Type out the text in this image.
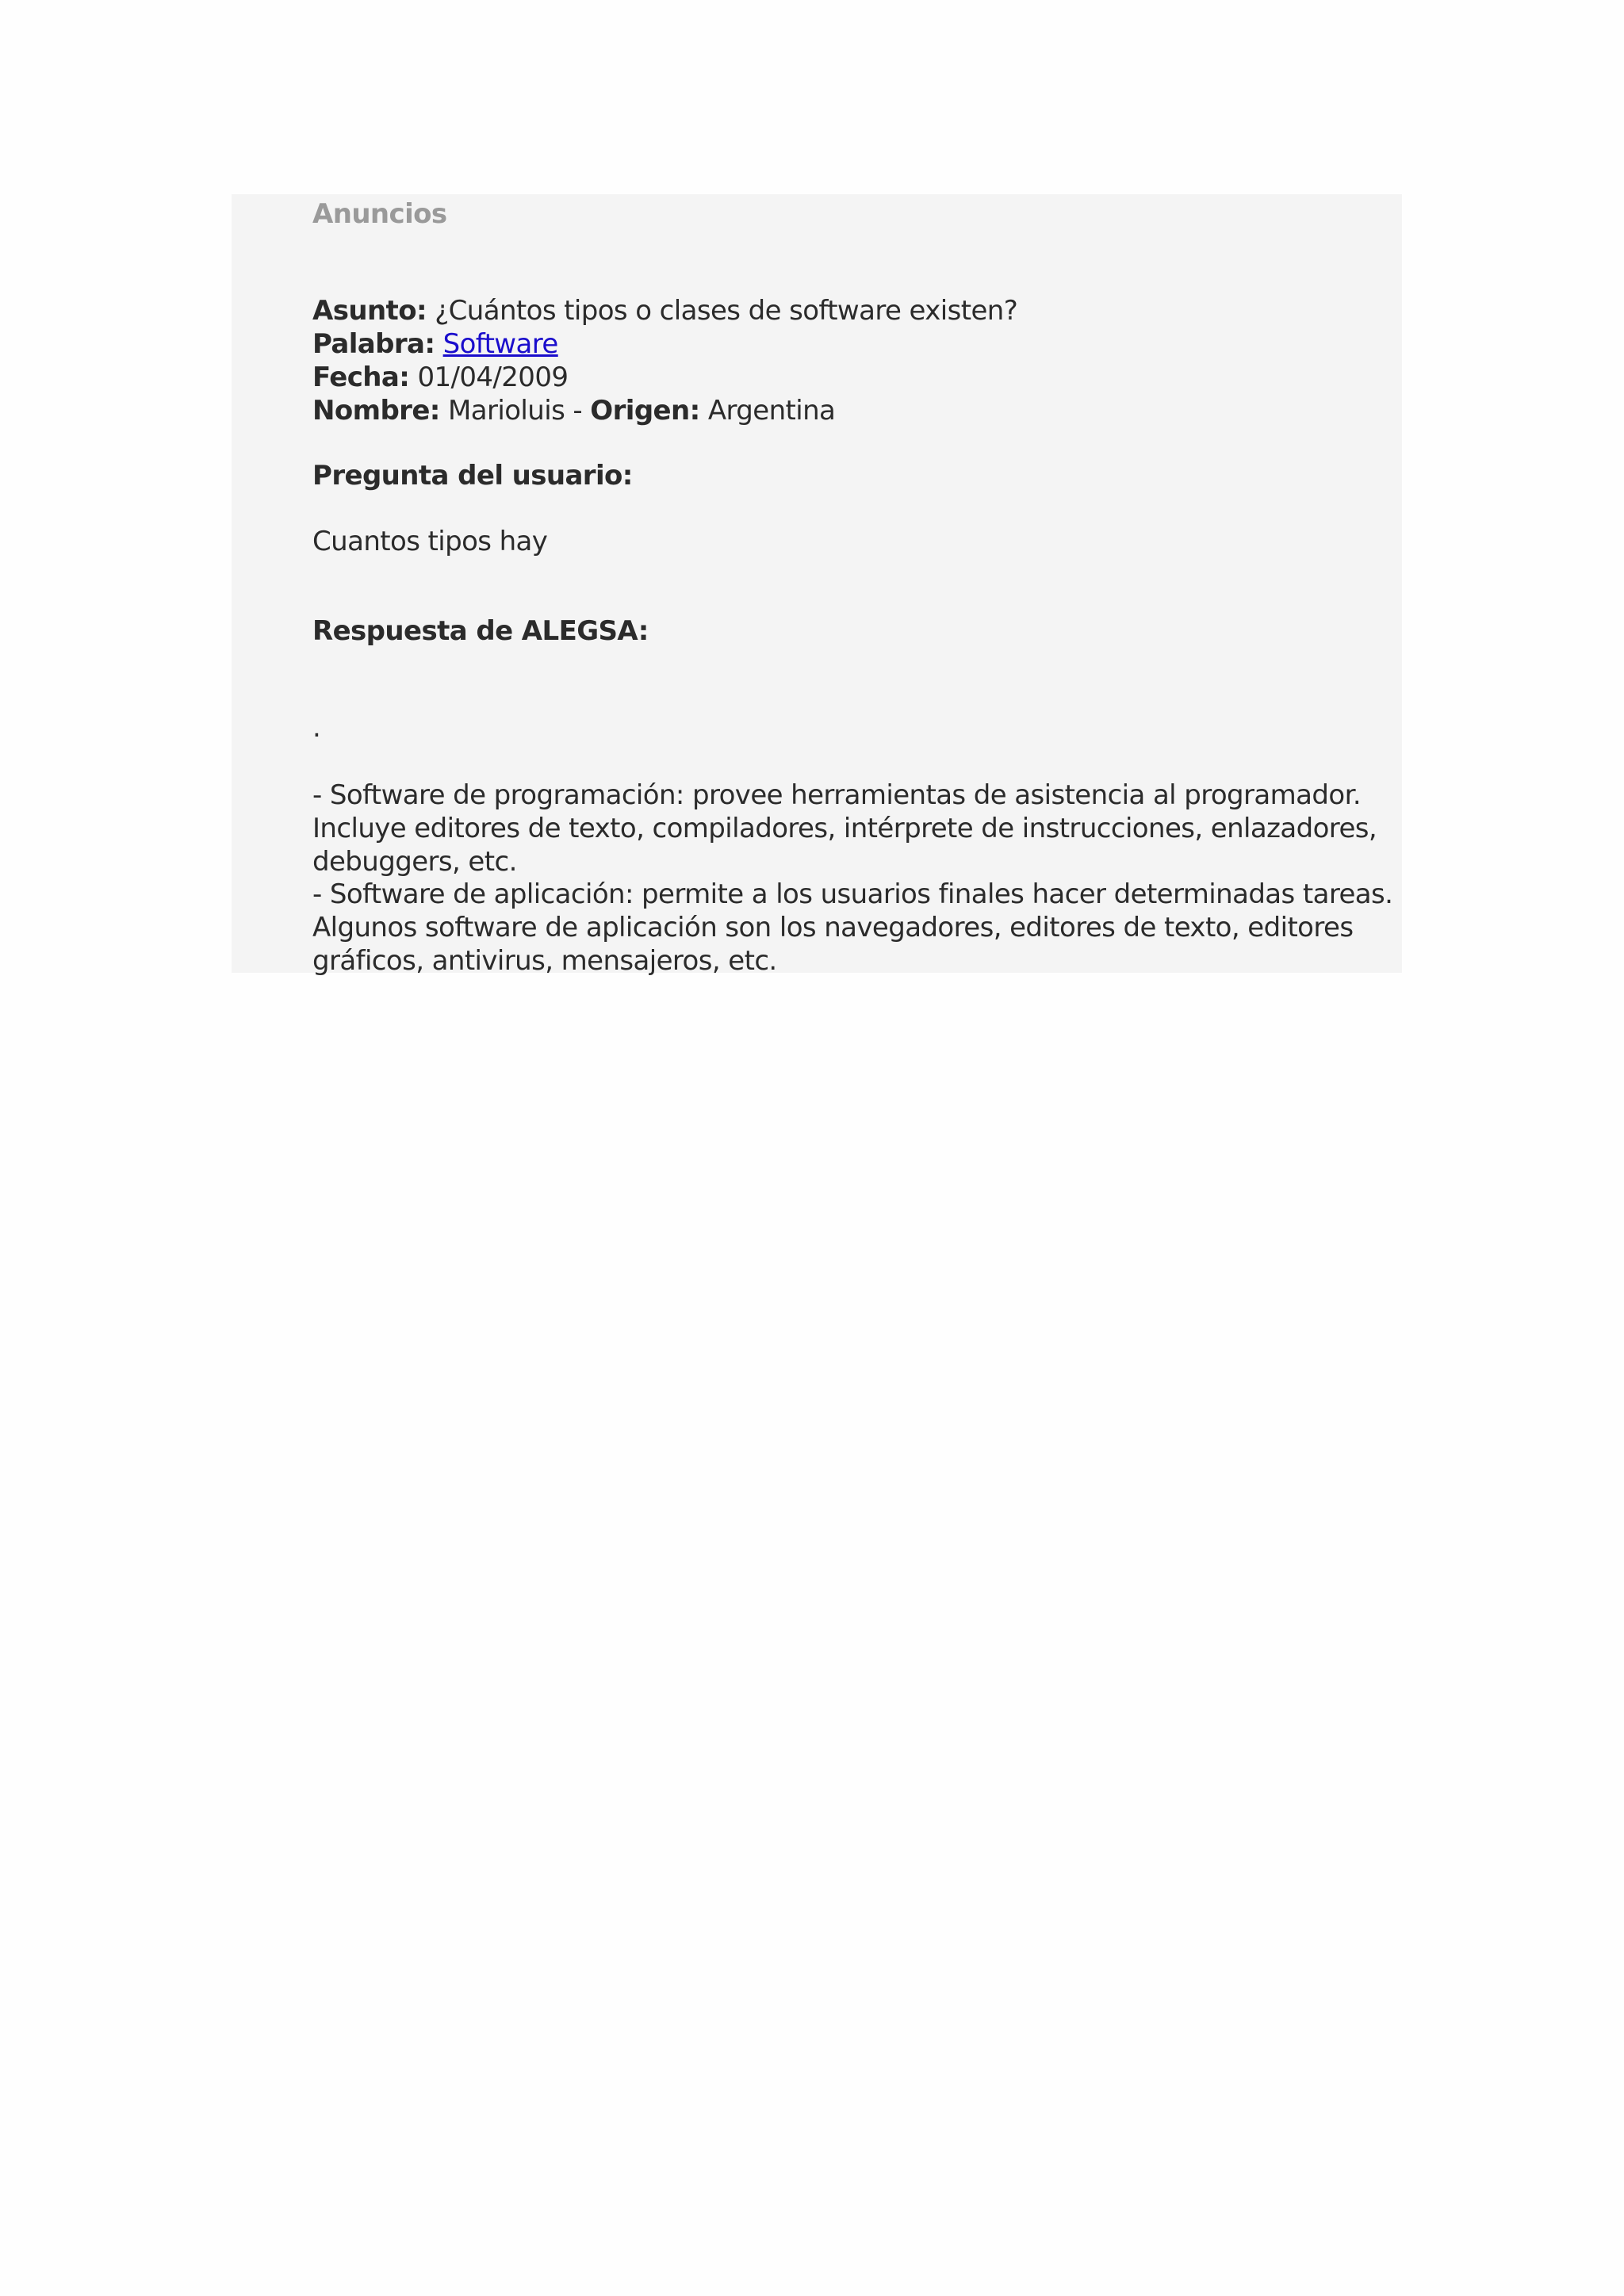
Anuncios
Asunto: ¿Cuántos tipos o clases de software existen?
Palabra: Software
Fecha: 01/04/2009
Nombre: Marioluis - Origen: Argentina
Pregunta del usuario:
Cuantos tipos hay
Respuesta de ALEGSA:
.
- Software de programación: provee herramientas de asistencia al programador. Incluye editores de texto, compiladores, intérprete de instrucciones, enlazadores, debuggers, etc.
- Software de aplicación: permite a los usuarios finales hacer determinadas tareas. Algunos software de aplicación son los navegadores, editores de texto, editores gráficos, antivirus, mensajeros, etc.
